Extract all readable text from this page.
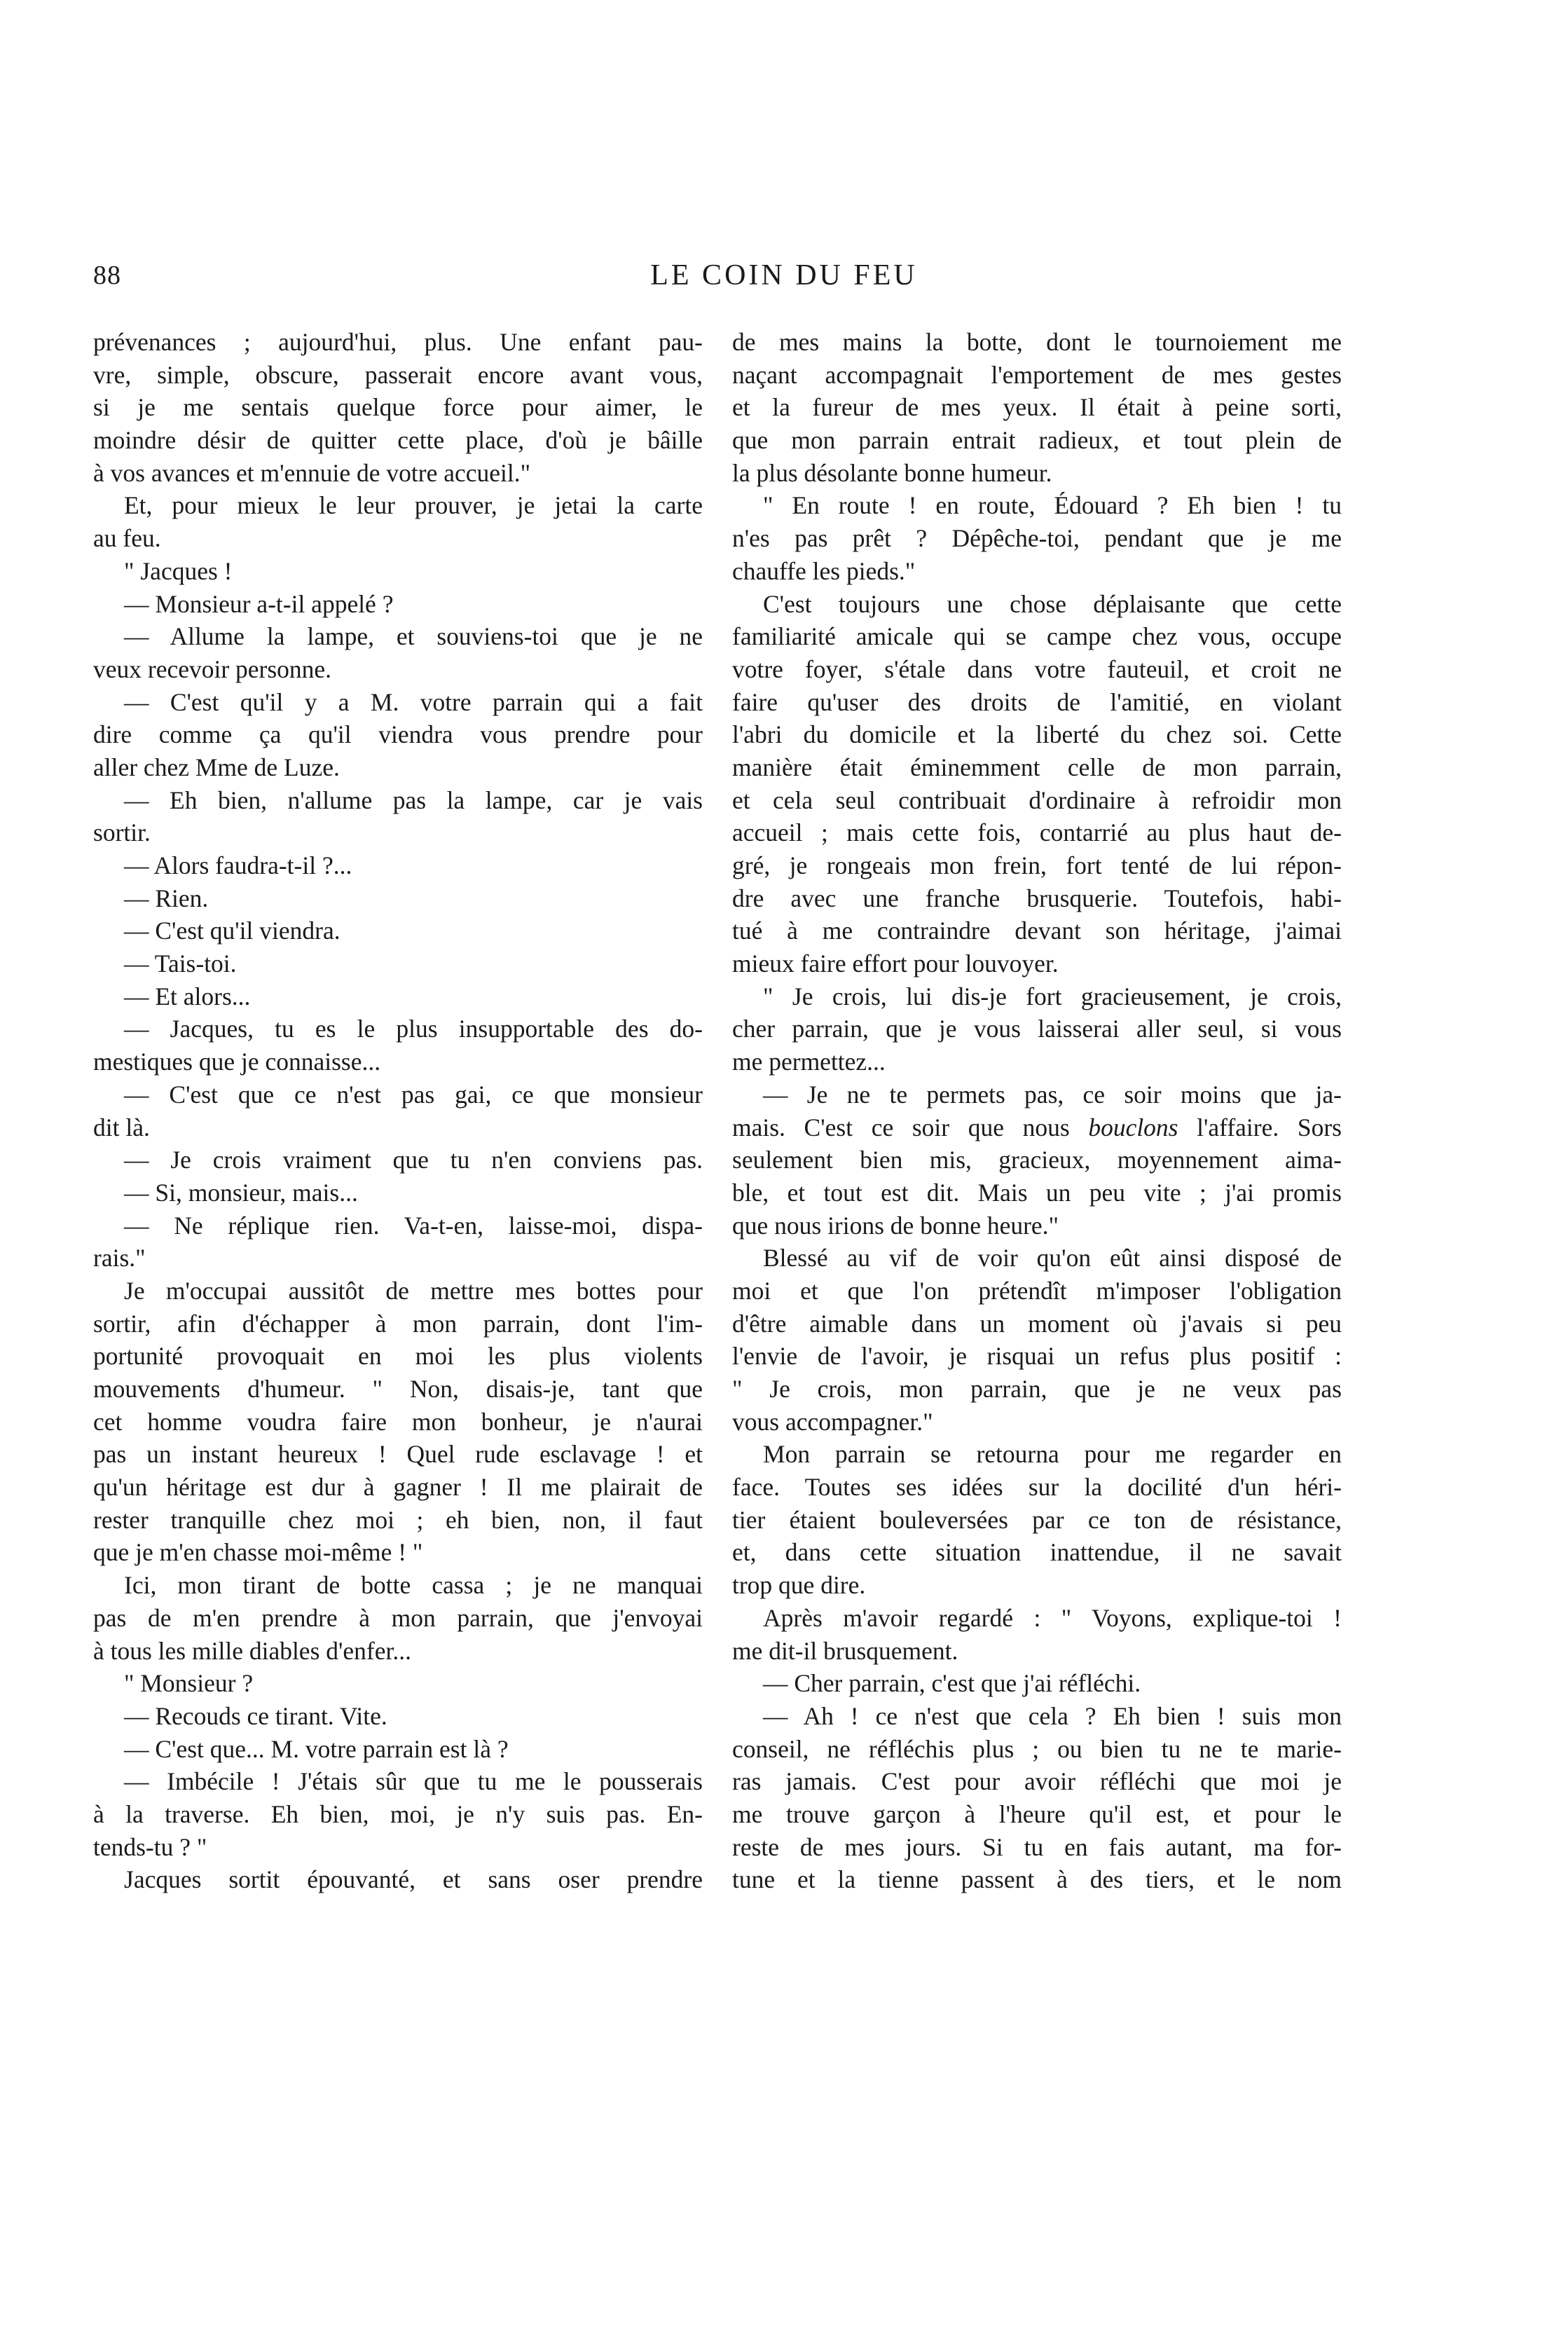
88	LE COIN DU FEU
prévenances ; aujourd'hui, plus. Une enfant pau-
vre, simple, obscure, passerait encore avant vous,
si je me sentais quelque force pour aimer, le
moindre désir de quitter cette place, d'où je bâille
à vos avances et m'ennuie de votre accueil."
Et, pour mieux le leur prouver, je jetai la carte
au feu.
" Jacques !
— Monsieur a-t-il appelé ?
— Allume la lampe, et souviens-toi que je ne
veux recevoir personne.
— C'est qu'il y a M. votre parrain qui a fait
dire comme ça qu'il viendra vous prendre pour
aller chez Mme de Luze.
— Eh bien, n'allume pas la lampe, car je vais
sortir.
— Alors faudra-t-il ?...
— Rien.
— C'est qu'il viendra.
— Tais-toi.
— Et alors...
— Jacques, tu es le plus insupportable des do-
mestiques que je connaisse...
— C'est que ce n'est pas gai, ce que monsieur
dit là.
— Je crois vraiment que tu n'en conviens pas.
— Si, monsieur, mais...
— Ne réplique rien. Va-t-en, laisse-moi, dispa-
rais."
Je m'occupai aussitôt de mettre mes bottes pour
sortir, afin d'échapper à mon parrain, dont l'im-
portunité provoquait en moi les plus violents
mouvements d'humeur. " Non, disais-je, tant que
cet homme voudra faire mon bonheur, je n'aurai
pas un instant heureux ! Quel rude esclavage ! et
qu'un héritage est dur à gagner ! Il me plairait de
rester tranquille chez moi ; eh bien, non, il faut
que je m'en chasse moi-même ! "
Ici, mon tirant de botte cassa ; je ne manquai
pas de m'en prendre à mon parrain, que j'envoyai
à tous les mille diables d'enfer...
" Monsieur ?
— Recouds ce tirant. Vite.
— C'est que... M. votre parrain est là ?
— Imbécile ! J'étais sûr que tu me le pousserais
à la traverse. Eh bien, moi, je n'y suis pas. En-
tends-tu ? "
Jacques sortit épouvanté, et sans oser prendre
de mes mains la botte, dont le tournoiement me
naçant accompagnait l'emportement de mes gestes
et la fureur de mes yeux. Il était à peine sorti,
que mon parrain entrait radieux, et tout plein de
la plus désolante bonne humeur.
" En route ! en route, Édouard ? Eh bien ! tu
n'es pas prêt ? Dépêche-toi, pendant que je me
chauffe les pieds."
C'est toujours une chose déplaisante que cette
familiarité amicale qui se campe chez vous, occupe
votre foyer, s'étale dans votre fauteuil, et croit ne
faire qu'user des droits de l'amitié, en violant
l'abri du domicile et la liberté du chez soi. Cette
manière était éminemment celle de mon parrain,
et cela seul contribuait d'ordinaire à refroidir mon
accueil ; mais cette fois, contarrié au plus haut de-
gré, je rongeais mon frein, fort tenté de lui répon-
dre avec une franche brusquerie. Toutefois, habi-
tué à me contraindre devant son héritage, j'aimai
mieux faire effort pour louvoyer.
" Je crois, lui dis-je fort gracieusement, je crois,
cher parrain, que je vous laisserai aller seul, si vous
me permettez...
— Je ne te permets pas, ce soir moins que ja-
mais. C'est ce soir que nous bouclons l'affaire. Sors
seulement bien mis, gracieux, moyennement aima-
ble, et tout est dit. Mais un peu vite ; j'ai promis
que nous irions de bonne heure."
Blessé au vif de voir qu'on eût ainsi disposé de
moi et que l'on prétendît m'imposer l'obligation
d'être aimable dans un moment où j'avais si peu
l'envie de l'avoir, je risquai un refus plus positif :
" Je crois, mon parrain, que je ne veux pas
vous accompagner."
Mon parrain se retourna pour me regarder en
face. Toutes ses idées sur la docilité d'un héri-
tier étaient bouleversées par ce ton de résistance,
et, dans cette situation inattendue, il ne savait
trop que dire.
Après m'avoir regardé : " Voyons, explique-toi !
me dit-il brusquement.
— Cher parrain, c'est que j'ai réfléchi.
— Ah ! ce n'est que cela ? Eh bien ! suis mon
conseil, ne réfléchis plus ; ou bien tu ne te marie-
ras jamais. C'est pour avoir réfléchi que moi je
me trouve garçon à l'heure qu'il est, et pour le
reste de mes jours. Si tu en fais autant, ma for-
tune et la tienne passent à des tiers, et le nom
